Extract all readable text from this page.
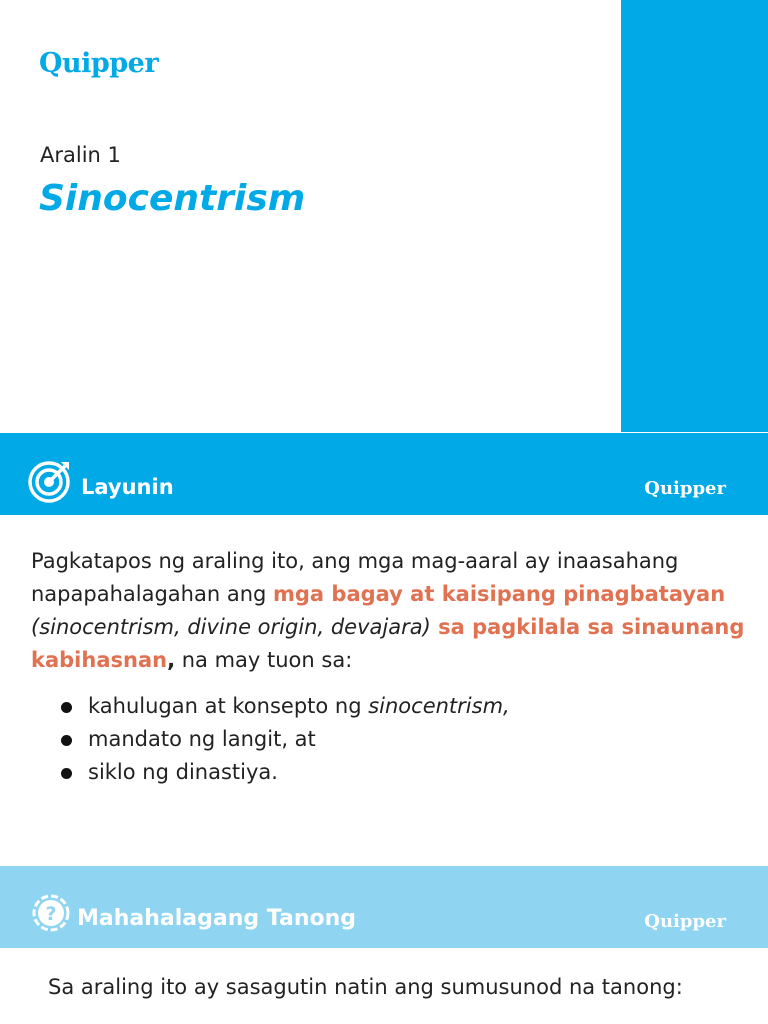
Quipper
Aralin 1
Sinocentrism
Layunin	Quipper
Pagkatapos ng araling ito, ang mga mag-aaral ay inaasahang napapahalagahan ang mga bagay at kaisipang pinagbatayan
(sinocentrism, divine origin, devajara) sa pagkilala sa sinaunang kabihasnan, na may tuon sa:
kahulugan at konsepto ng sinocentrism,
mandato ng langit, at
siklo ng dinastiya.
? Mahahalagang Tanong	Quipper
Sa araling ito ay sasagutin natin ang sumusunod na tanong:
